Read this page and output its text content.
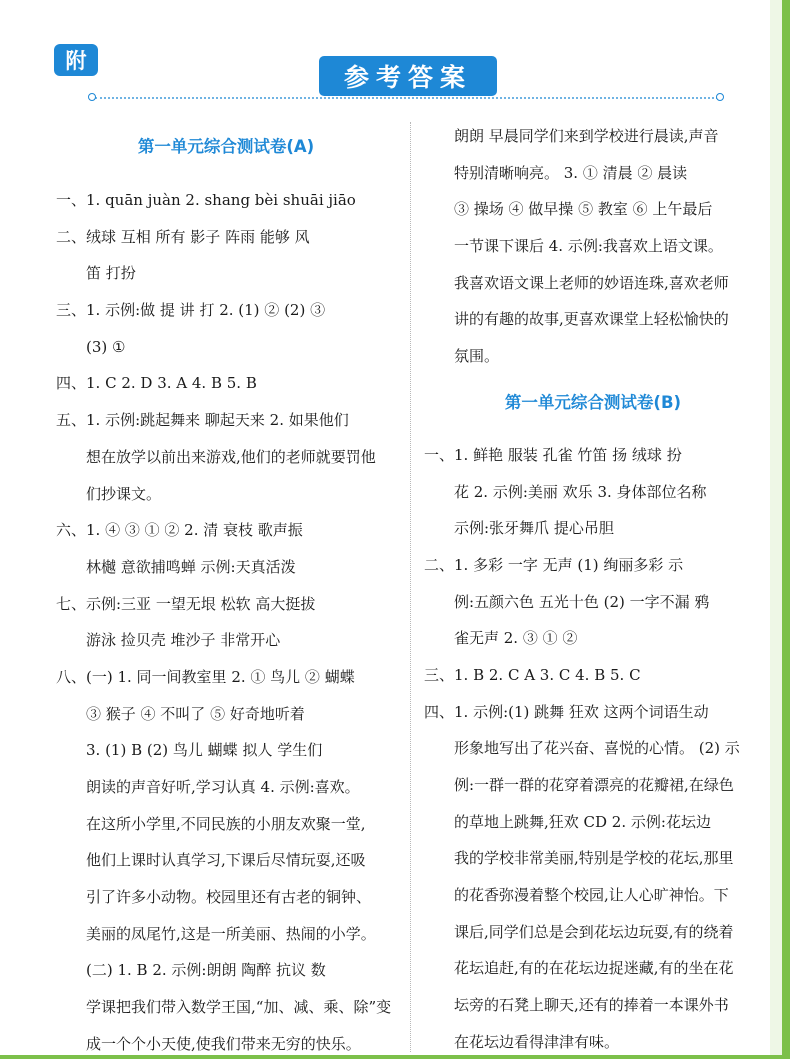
附
参考答案
第一单元综合测试卷(A)
一、1. quān juàn 2. shang bèi shuāi jiāo
二、绒球 互相 所有 影子 阵雨 能够 风
笛 打扮
三、1. 示例:做 提 讲 打 2. (1) ② (2) ③
(3) ①
四、1. C 2. D 3. A 4. B 5. B
五、1. 示例:跳起舞来 聊起天来 2. 如果他们
想在放学以前出来游戏,他们的老师就要罚他
们抄课文。
六、1. ④ ③ ① ② 2. 清 衰枝 歌声振
林樾 意欲捕鸣蝉 示例:天真活泼
七、示例:三亚 一望无垠 松软 高大挺拔
游泳 捡贝壳 堆沙子 非常开心
八、(一) 1. 同一间教室里 2. ① 鸟儿 ② 蝴蝶
③ 猴子 ④ 不叫了 ⑤ 好奇地听着
3. (1) B (2) 鸟儿 蝴蝶 拟人 学生们
朗读的声音好听,学习认真 4. 示例:喜欢。
在这所小学里,不同民族的小朋友欢聚一堂,
他们上课时认真学习,下课后尽情玩耍,还吸
引了许多小动物。校园里还有古老的铜钟、
美丽的凤尾竹,这是一所美丽、热闹的小学。
(二) 1. B 2. 示例:朗朗 陶醉 抗议 数
学课把我们带入数学王国,“加、减、乘、除”变
成一个个小天使,使我们带来无穷的快乐。
朗朗 早晨同学们来到学校进行晨读,声音
特别清晰响亮。 3. ① 清晨 ② 晨读
③ 操场 ④ 做早操 ⑤ 教室 ⑥ 上午最后
一节课下课后 4. 示例:我喜欢上语文课。
我喜欢语文课上老师的妙语连珠,喜欢老师
讲的有趣的故事,更喜欢课堂上轻松愉快的
氛围。
第一单元综合测试卷(B)
一、1. 鲜艳 服装 孔雀 竹笛 扬 绒球 扮
花 2. 示例:美丽 欢乐 3. 身体部位名称
示例:张牙舞爪 提心吊胆
二、1. 多彩 一字 无声 (1) 绚丽多彩 示
例:五颜六色 五光十色 (2) 一字不漏 鸦
雀无声 2. ③ ① ②
三、1. B 2. C A 3. C 4. B 5. C
四、1. 示例:(1) 跳舞 狂欢 这两个词语生动
形象地写出了花兴奋、喜悦的心情。 (2) 示
例:一群一群的花穿着漂亮的花瓣裙,在绿色
的草地上跳舞,狂欢 CD 2. 示例:花坛边
我的学校非常美丽,特别是学校的花坛,那里
的花香弥漫着整个校园,让人心旷神怡。下
课后,同学们总是会到花坛边玩耍,有的绕着
花坛追赶,有的在花坛边捉迷藏,有的坐在花
坛旁的石凳上聊天,还有的捧着一本课外书
在花坛边看得津津有味。
